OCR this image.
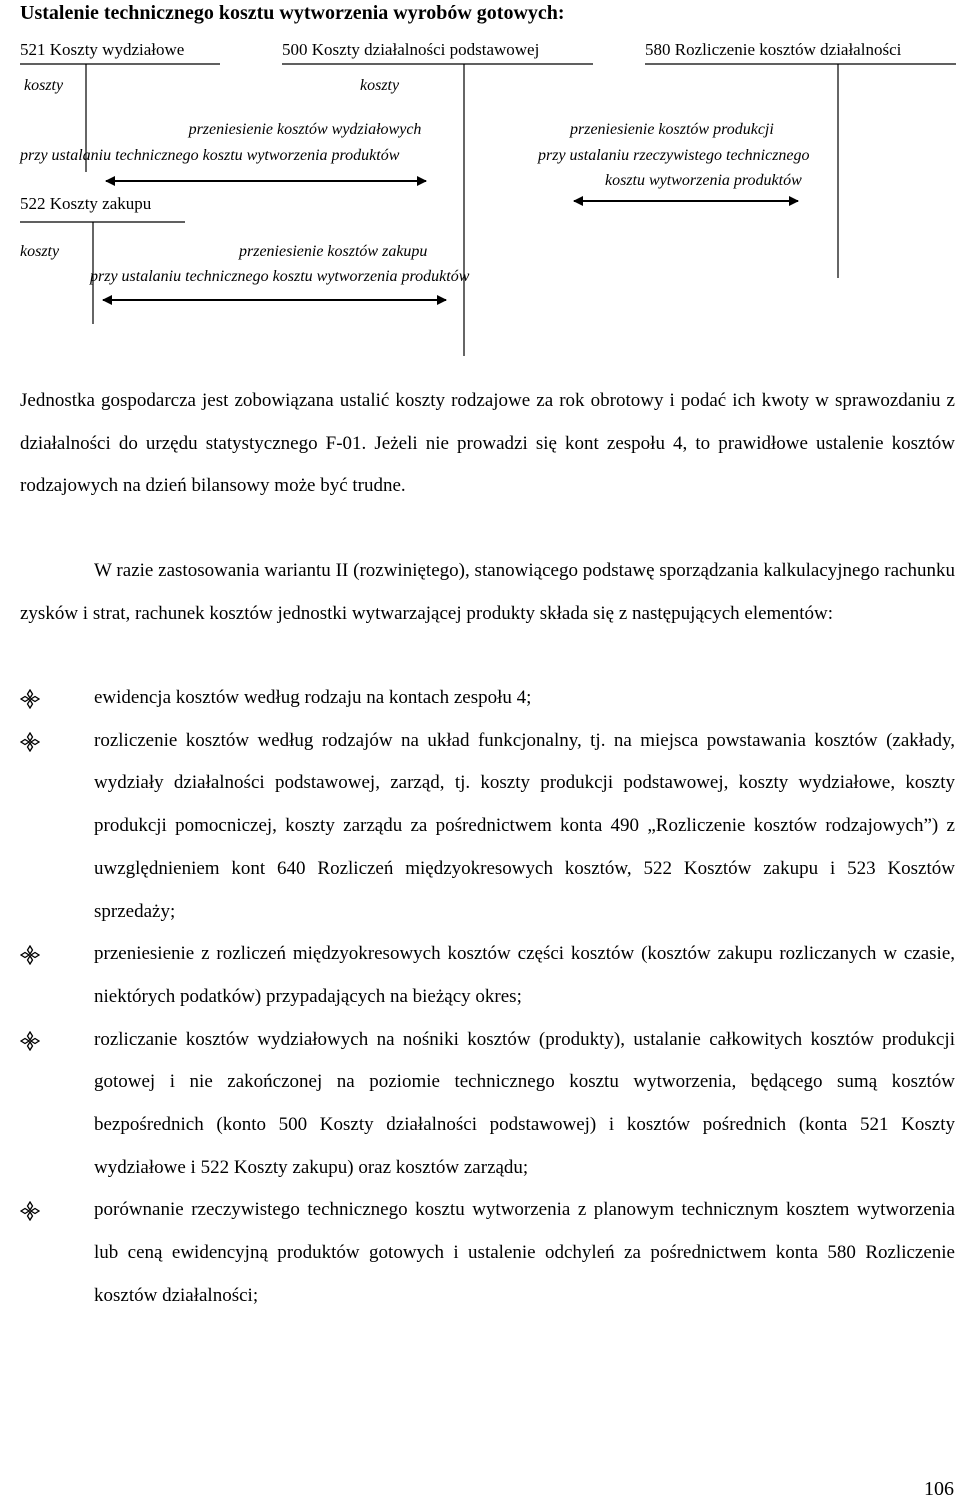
Ustalenie technicznego kosztu wytworzenia wyrobów gotowych:
521 Koszty wydziałowe	500 Koszty działalności podstawowej	580 Rozliczenie kosztów działalności
koszty	koszty
przeniesienie kosztów wydziałowych
przy ustalaniu technicznego kosztu wytworzenia produktów
przeniesienie kosztów produkcji
przy ustalaniu rzeczywistego technicznego
kosztu wytworzenia produktów
522 Koszty zakupu
koszty	przeniesienie kosztów zakupu
przy ustalaniu technicznego kosztu wytworzenia produktów

Jednostka gospodarcza jest zobowiązana ustalić koszty rodzajowe za rok obrotowy i podać ich kwoty w sprawozdaniu z działalności do urzędu statystycznego F-01. Jeżeli nie prowadzi się kont zespołu 4, to prawidłowe ustalenie kosztów rodzajowych na dzień bilansowy może być trudne.

W razie zastosowania wariantu II (rozwiniętego), stanowiącego podstawę sporządzania kalkulacyjnego rachunku zysków i strat, rachunek kosztów jednostki wytwarzającej produkty składa się z następujących elementów:

ewidencja kosztów według rodzaju na kontach zespołu 4;
rozliczenie kosztów według rodzajów na układ funkcjonalny, tj. na miejsca powstawania kosztów (zakłady, wydziały działalności podstawowej, zarząd, tj. koszty produkcji podstawowej, koszty wydziałowe, koszty produkcji pomocniczej, koszty zarządu za pośrednictwem konta 490 „Rozliczenie kosztów rodzajowych”) z uwzględnieniem kont 640 Rozliczeń międzyokresowych kosztów, 522 Kosztów zakupu i 523 Kosztów sprzedaży;
przeniesienie z rozliczeń międzyokresowych kosztów części kosztów (kosztów zakupu rozliczanych w czasie, niektórych podatków) przypadających na bieżący okres;
rozliczanie kosztów wydziałowych na nośniki kosztów (produkty), ustalanie całkowitych kosztów produkcji gotowej i nie zakończonej na poziomie technicznego kosztu wytworzenia, będącego sumą kosztów bezpośrednich (konto 500 Koszty działalności podstawowej) i kosztów pośrednich (konta 521 Koszty wydziałowe i 522 Koszty zakupu) oraz kosztów zarządu;
porównanie rzeczywistego technicznego kosztu wytworzenia z planowym technicznym kosztem wytworzenia lub ceną ewidencyjną produktów gotowych i ustalenie odchyleń za pośrednictwem konta 580 Rozliczenie kosztów działalności;
106
